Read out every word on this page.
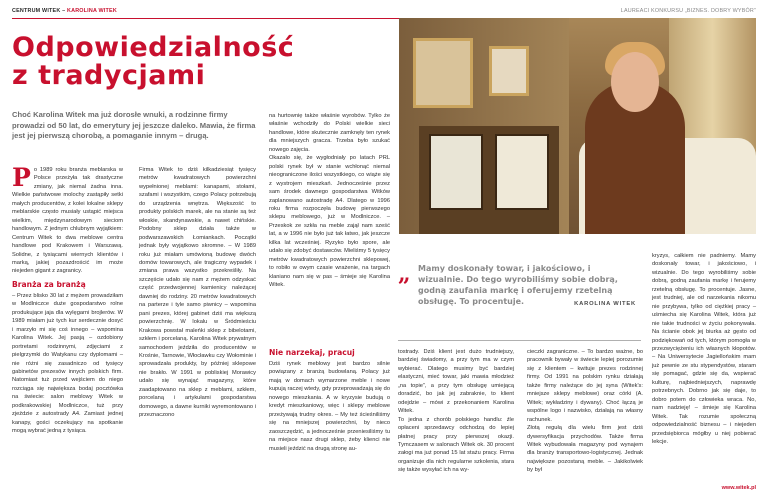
CENTRUM WITEK – KAROLINA WITEK	LAUREACI KONKURSU „BIZNES. DOBRY WYBÓR”
Odpowiedzialność
z tradycjami
Choć Karolina Witek ma już dorosłe wnuki, a rodzinne firmy prowadzi od 50 lat, do emerytury jej jeszcze daleko. Mawia, że firma jest jej pierwszą chorobą, a pomaganie innym – drugą.

Po 1989 roku branża meblarska w Polsce przeżyła tak drastyczne zmiany, jak niemal żadna inna. Wielkie państwowe molochy zastąpiły setki małych producentów, z kolei lokalne sklepy meblarskie często musiały ustąpić miejsca wielkim, międzynarodowym sieciom handlowym. Z jednym chlubnym wyjątkiem: Centrum Witek to dwa meblowe centra handlowe pod Krakowem i Warszawą. Solidne, z tysiącami wiernych klientów i marką, jakiej pozazdrościć im może niejeden gigant z zagranicy.

Branża za branżą

– Przez blisko 30 lat z mężem prowadziłam w Modlniczce duże gospodarstwo rolne produkujące jaja dla wylęgarni brojlerów. W 1989 miałam już tych kur serdecznie dosyć i marzyło mi się coś innego – wspomina Karolina Witek. Jej pasją – ozdobiony portretami rodzinnymi, zdjęciami z pielgrzymki do Watykanu czy dyplomami – nie różni się zasadniczo od tysięcy gabinetów prezesów innych polskich firm. Natomiast tuż przed wejściem do niego rozciąga się największa bodaj pocztówka na świecie: salon meblowy Witek w podkrakowskiej Modlniczce, tuż przy zjeździe z autostrady A4. Zamiast jednej kanapy, gości oczekujący na spotkanie mogą wybrać jedną z tysiąca.

Firma Witek to dziś kilkadziesiąt tysięcy metrów kwadratowych powierzchni wypełnionej meblami: kanapami, stołami, szafami i wszystkim, czego Polacy potrzebują do urządzenia wnętrza. Większość to produkty polskich marek, ale na stanie są też włoskie, skandynawskie, a nawet chińskie. Podobny sklep działa także w podwarszawskich Łomiankach. Początki jednak były wyjątkowo skromne. – W 1989 roku już miałam umówioną budowę dwóch domów towarowych, ale tragiczny wypadek i zmiana prawa wszystko przekreśliły. Na szczęście udało się nam z mężem odzyskać część przedwojennej kamienicy należącej dawniej do rodziny. 20 metrów kwadratowych na parterze i tyle samo piwnicy – wspomina pani prezes, której gabinet dziś ma większą powierzchnię. W lokalu w Śródmieściu Krakowa powstał maleńki sklep z bibelotami, szkłem i porcelaną. Karolina Witek prywatnym samochodem jeździła do producentów w Krośnie, Tarnowie, Włocławku czy Wołominie i sprowadzała produkty, by później sklepowe nie brakło. W 1991 w pobliskiej Morawicy udało się wynająć magazyny, które zaadaptowano na sklep z meblami, szkłem, porcelaną i artykułami gospodarstwa domowego, a dawne kurniki wyremontowano i przeznaczono

na hurtownię także właśnie wyrobów. Tylko że właśnie wchodziły do Polski wielkie sieci handlowe, które skutecznie zamknęły ten rynek dla mniejszych gracza. Trzeba było szukać nowego zajęcia.

Okazało się, że wygłodniały po latach PRL polski rynek był w stanie wchłonąć niemal nieograniczone ilości wszystkiego, co wiąże się z wystrojem mieszkań. Jednocześnie przez sam środek dawnego gospodarstwa Witków zaplanowano autostradę A4. Dlatego w 1996 roku firma rozpoczęła budowę pierwszego sklepu meblowego, już w Modlniczce. – Przeskok ze szkła na meble zajął nam sześć lat, a w 1996 nie było już tak łatwo, jak jeszcze kilka lat wcześniej. Ryzyko było spore, ale udało się zdobyć dostawców. Mieliśmy 5 tysięcy metrów kwadratowych powierzchni sklepowej, to robiło w owym czasie wrażenie, na targach klaniano nam się w pas – śmieje się Karolina Witek.	„ Mamy doskonały towar, i jakościowo, i wizualnie. Do tego wyrobiliśmy sobie dobrą, godną zaufania markę i oferujemy rzetelną obsługę. To procentuje.	KAROLINA WITEK
Nie narzekaj, pracuj

Dziś rynek meblowy jest bardzo silnie powiązany z branżą budowlaną. Polacy już mają w domach wymarzone meble i nowe kupują raczej wtedy, gdy przeprowadzają się do nowego mieszkania. A w kryzysie budują o kredyt mieszkaniowy, więc i sklepy meblowe przeżywają trudny okres. – My też ścieśniliśmy się na mniejszej powierzchni, by nieco zaoszczędzić, a jednocześnie przeniesiliśmy tu na miejsce nasz drugi sklep, żeby klienci nie musieli jeździć na drugą stronę au-

tostrady. Dziś klient jest dużo trudniejszy, bardziej świadomy, a przy tym ma w czym wybierać. Dlatego musimy być bardziej elastyczni, mieć towar, jaki mawia młodzież „na topie”, a przy tym obsługę umiejącą doradzić, bo jak jej zabraknie, to klient odejdzie – mówi z przekonaniem Karolina Witek.

To jedna z chorób polskiego handlu: źle opłaceni sprzedawcy odchodzą do lepiej płatnej pracy przy pierwszej okazji. Tymczasem w salonach Witek ok. 30 procent załogi ma już ponad 15 lat stażu pracy. Firma organizuje dla nich regularne szkolenia, stara się także wysyłać ich na wy-

cieczki zagraniczne. – To bardzo ważne, bo pracownik bywały w świecie lepiej porozumie się z klientem – kwituje prezes rodzinnej firmy. Od 1991 na polskim rynku działają także firmy należące do jej syna (Witek's: mniejsze sklepy meblowe) oraz córki (A. Witek; wykładziny i dywany). Choć łączą je wspólne logo i nazwisko, działają na własny rachunek.

Złotą regułą dla wielu firm jest dziś dywersyfikacja przychodów. Także firma Witek wybudowała magazyny pod wynajem dla branży transportowo-logistycznej. Jednak największe pozostaną meble. – Jakikolwiek by był

kryzys, całkiem nie padniemy. Mamy doskonały towar, i jakościowo, i wizualnie. Do tego wyrobiliśmy sobie dobrą, godną zaufania markę i ferujemy rzetelną obsługę. To procentuje. Jasne, jest trudniej, ale od narzekania nikomu nie przybywa, tylko od ciężkiej pracy – uśmiecha się Karolina Witek, która już nie takie trudności w życiu pokonywała. Na ścianie obok jej biurka aż gęsto od podziękowań od tych, którym pomogła w przezwyciężeniu ich własnych kłopotów. – Na Uniwersytecie Jagiellońskim mam już pewnie ze stu stypendystów, staram się pomagać, gdzie się da, wspierać kulturę, najbiedniejszych, naprawdę potrzebnych. Dobrno jak się daje, to dobro potem do człowieka wraca. No, nam nadzieję! – śmieje się Karolina Witek. Tak rozumie społeczną odpowiedzialność biznesu – i niejeden przedsiębiorca mógłby u niej pobierać lekcje.

www.witek.pl
